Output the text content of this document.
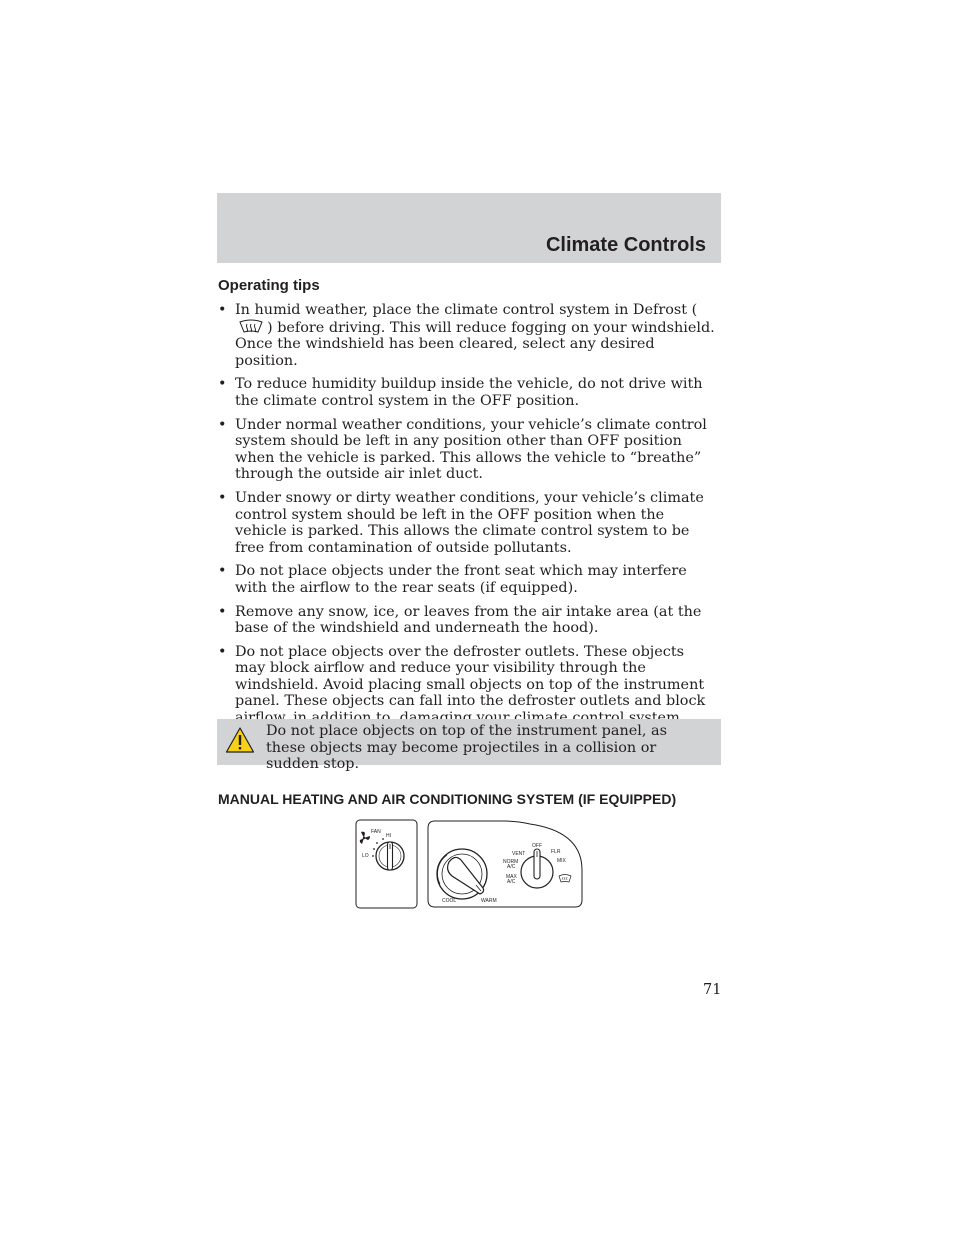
Climate Controls
Operating tips
• In humid weather, place the climate control system in Defrost () before driving. This will reduce fogging on your windshield. Once the windshield has been cleared, select any desired position.
• To reduce humidity buildup inside the vehicle, do not drive with the climate control system in the OFF position.
• Under normal weather conditions, your vehicle’s climate control system should be left in any position other than OFF position when the vehicle is parked. This allows the vehicle to “breathe” through the outside air inlet duct.
• Under snowy or dirty weather conditions, your vehicle’s climate control system should be left in the OFF position when the vehicle is parked. This allows the climate control system to be free from contamination of outside pollutants.
• Do not place objects under the front seat which may interfere with the airflow to the rear seats (if equipped).
• Remove any snow, ice, or leaves from the air intake area (at the base of the windshield and underneath the hood).
• Do not place objects over the defroster outlets. These objects may block airflow and reduce your visibility through the windshield. Avoid placing small objects on top of the instrument panel. These objects can fall into the defroster outlets and block
Do not place objects on top of the instrument panel, as these objects may become projectiles in a collision or sudden stop.
MANUAL HEATING AND AIR CONDITIONING SYSTEM (IF EQUIPPED)
FAN
HI
LO
COOL	WARM
OFF
VENT	FLR
MIX
NORM
A/C
MAX
A/C
71
